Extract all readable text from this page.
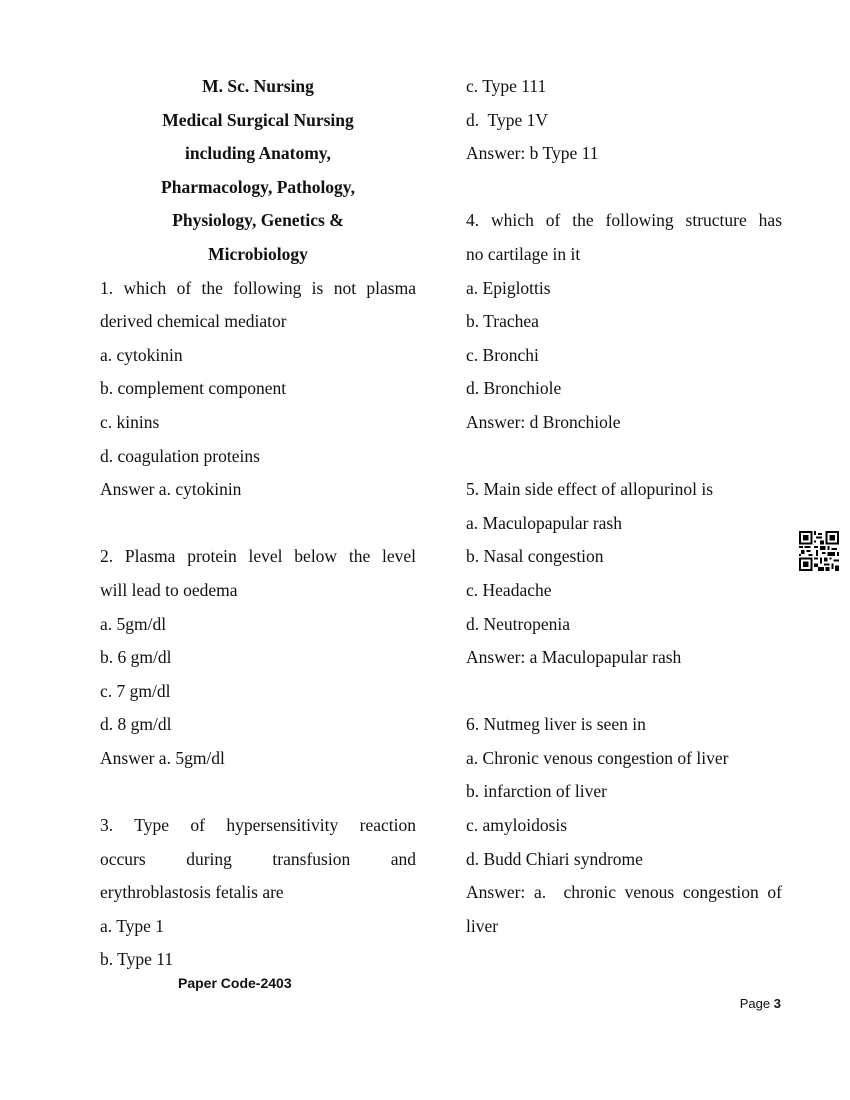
M. Sc. Nursing
Medical Surgical Nursing
including Anatomy,
Pharmacology, Pathology,
Physiology, Genetics &
Microbiology
1. which of the following is not plasma
derived chemical mediator
a. cytokinin
b. complement component
c. kinins
d. coagulation proteins
Answer a. cytokinin
2. Plasma protein level below the level
will lead to oedema
a. 5gm/dl
b. 6 gm/dl
c. 7 gm/dl
d. 8 gm/dl
Answer a. 5gm/dl
3. Type of hypersensitivity reaction
occurs during transfusion and
erythroblastosis fetalis are
a. Type 1
b. Type 11
c. Type 111
d.  Type 1V
Answer: b Type 11
4. which of the following structure has
no cartilage in it
a. Epiglottis
b. Trachea
c. Bronchi
d. Bronchiole
Answer: d Bronchiole
5. Main side effect of allopurinol is
a. Maculopapular rash
b. Nasal congestion
c. Headache
d. Neutropenia
Answer: a Maculopapular rash
6. Nutmeg liver is seen in
a. Chronic venous congestion of liver
b. infarction of liver
c. amyloidosis
d. Budd Chiari syndrome
Answer: a.  chronic venous congestion of
liver
Paper Code-2403
Page 3
